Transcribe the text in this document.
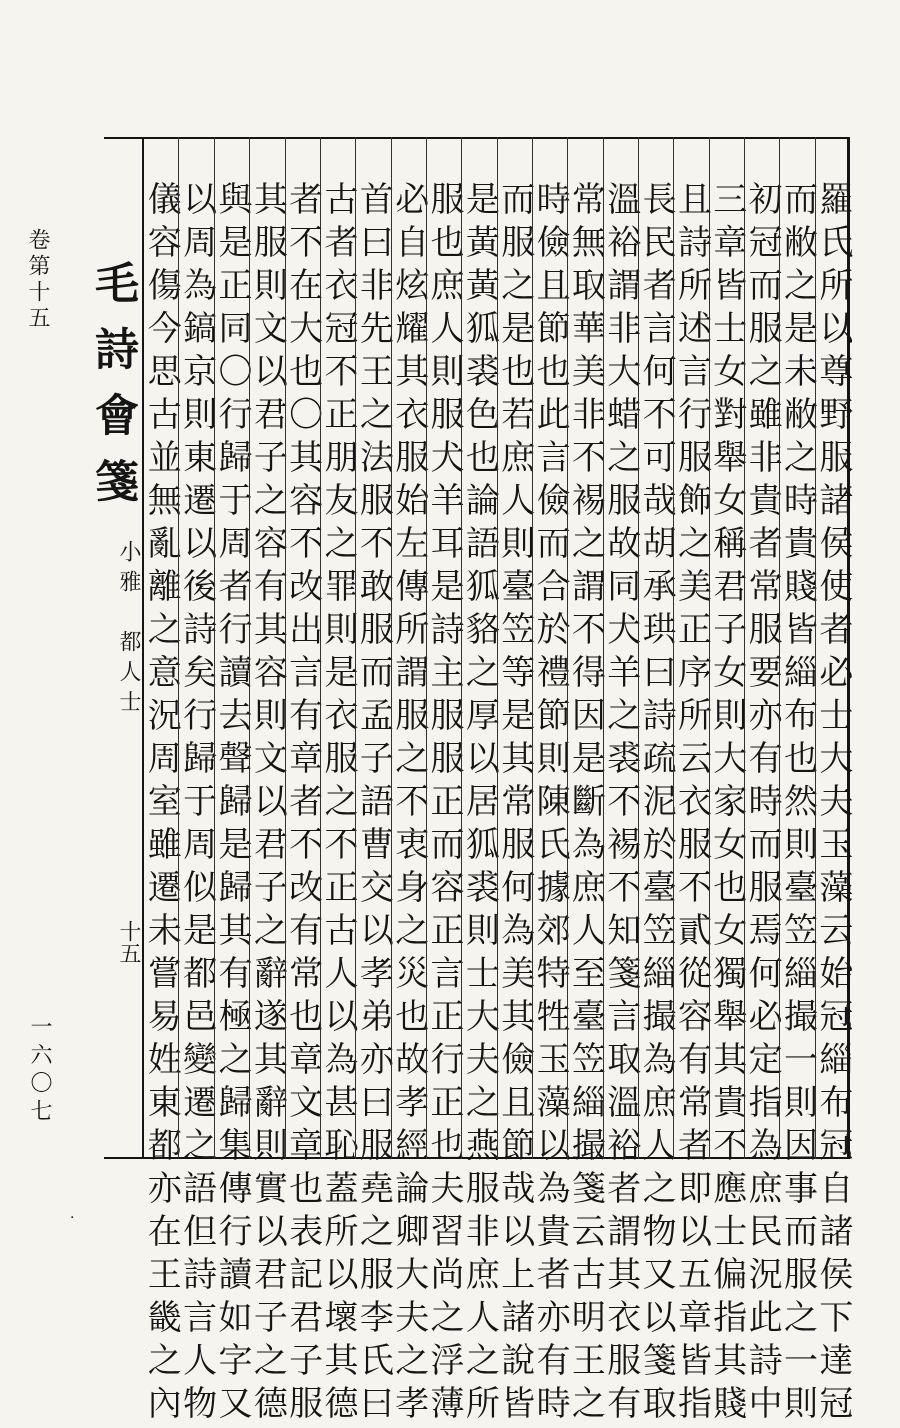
卷第十五
一六〇七
毛詩會箋
小雅　都人士
十五	羅氏所以尊野服諸侯使者必士大夫玉藻云始冠緇布冠自諸侯下達冠
而敝之是未敝之時貴賤皆緇布也然則臺笠緇撮一則因事而服之一則
初冠而服之雖非貴者常服要亦有時而服焉何必定指為庶民況此詩中
三章皆士女對舉女稱君子女則大家女也女獨舉其貴不應士偏指其賤
且詩所述言行服飾之美正序所云衣服不貳從容有常者即以五章皆指
長民者言何不可哉胡承珙曰詩疏泥於臺笠緇撮為庶人之物又以箋取
溫裕謂非大蜡之服故同犬羊之裘不裼不知箋言取溫裕者謂其衣服有
常無取華美非不裼之謂不得因是斷為庶人至臺笠緇撮箋云古明王之
時儉且節也此言儉而合於禮節則陳氏據郊特牲玉藻以為貴者亦有時
而服之是也若庶人則臺笠等是其常服何為美其儉且節哉以上諸說皆
是黃黃狐裘色也論語狐貉之厚以居狐裘則士大夫之燕服非庶人之所
服也庶人則服犬羊耳是詩主服服正而容正言正行正也夫習尚之浮薄
必自炫耀其衣服始左傳所謂服之不衷身之災也故孝經論卿大夫之孝
首曰非先王之法服不敢服而孟子語曹交以孝弟亦曰服堯之服李氏曰
古者衣冠不正朋友之罪則是衣服之不正古人以為甚恥蓋所以壞其德
者不在大也〇其容不改出言有章者不改有常也章文章也表記君子服
其服則文以君子之容有其容則文以君子之辭遂其辭則實以君子之德
與是正同〇行歸于周者行讀去聲歸是歸其有極之歸集傳行讀如字又
以周為鎬京則東遷以後詩矣行歸于周似是都邑變遷之語但詩言人物
儀容傷今思古並無亂離之意況周室雖遷未嘗易姓東都亦在王畿之內
·
